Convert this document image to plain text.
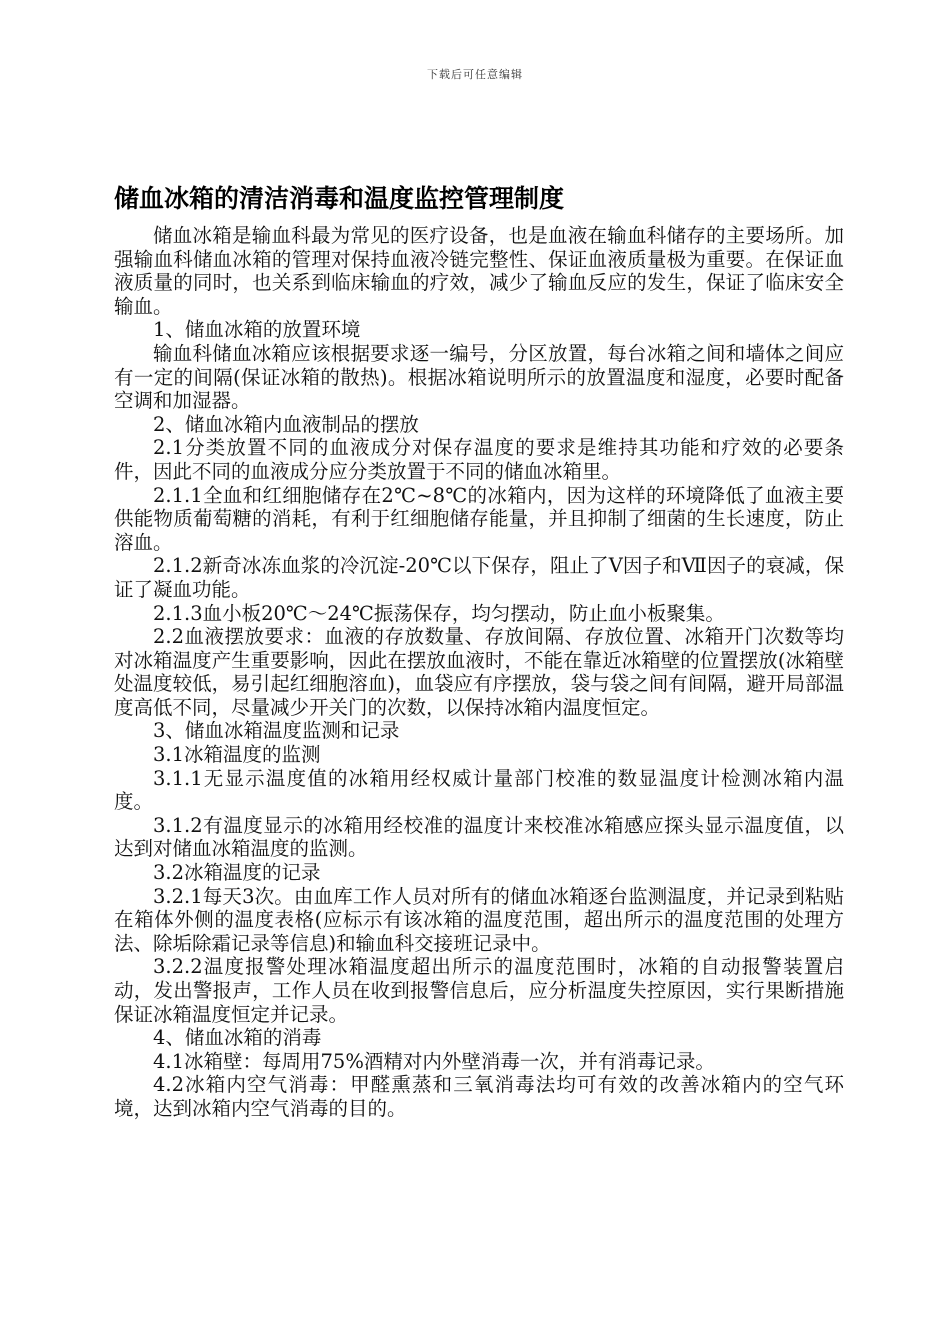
下载后可任意编辑
储血冰箱的清洁消毒和温度监控管理制度

储血冰箱是输血科最为常见的医疗设备，也是血液在输血科储存的主要场所。加强输血科储血冰箱的管理对保持血液冷链完整性、保证血液质量极为重要。在保证血液质量的同时，也关系到临床输血的疗效，减少了输血反应的发生，保证了临床安全输血。

1、储血冰箱的放置环境

输血科储血冰箱应该根据要求逐一编号，分区放置，每台冰箱之间和墙体之间应有一定的间隔(保证冰箱的散热)。根据冰箱说明所示的放置温度和湿度，必要时配备空调和加湿器。

2、储血冰箱内血液制品的摆放

2.1分类放置不同的血液成分对保存温度的要求是维持其功能和疗效的必要条件，因此不同的血液成分应分类放置于不同的储血冰箱里。

2.1.1全血和红细胞储存在2℃~8℃的冰箱内，因为这样的环境降低了血液主要供能物质葡萄糖的消耗，有利于红细胞储存能量，并且抑制了细菌的生长速度，防止溶血。

2.1.2新奇冰冻血浆的冷沉淀-20℃以下保存，阻止了Ⅴ因子和Ⅶ因子的衰减，保证了凝血功能。

2.1.3血小板20℃～24℃振荡保存，均匀摆动，防止血小板聚集。

2.2血液摆放要求：血液的存放数量、存放间隔、存放位置、冰箱开门次数等均对冰箱温度产生重要影响，因此在摆放血液时，不能在靠近冰箱壁的位置摆放(冰箱壁处温度较低，易引起红细胞溶血)，血袋应有序摆放，袋与袋之间有间隔，避开局部温度高低不同，尽量减少开关门的次数，以保持冰箱内温度恒定。

3、储血冰箱温度监测和记录

3.1冰箱温度的监测

3.1.1无显示温度值的冰箱用经权威计量部门校准的数显温度计检测冰箱内温度。

3.1.2有温度显示的冰箱用经校准的温度计来校准冰箱感应探头显示温度值，以达到对储血冰箱温度的监测。

3.2冰箱温度的记录

3.2.1每天3次。由血库工作人员对所有的储血冰箱逐台监测温度，并记录到粘贴在箱体外侧的温度表格(应标示有该冰箱的温度范围，超出所示的温度范围的处理方法、除垢除霜记录等信息)和输血科交接班记录中。

3.2.2温度报警处理冰箱温度超出所示的温度范围时，冰箱的自动报警装置启动，发出警报声，工作人员在收到报警信息后，应分析温度失控原因，实行果断措施保证冰箱温度恒定并记录。

4、储血冰箱的消毒

4.1冰箱壁：每周用75%酒精对内外壁消毒一次，并有消毒记录。

4.2冰箱内空气消毒：甲醛熏蒸和三氧消毒法均可有效的改善冰箱内的空气环境，达到冰箱内空气消毒的目的。
